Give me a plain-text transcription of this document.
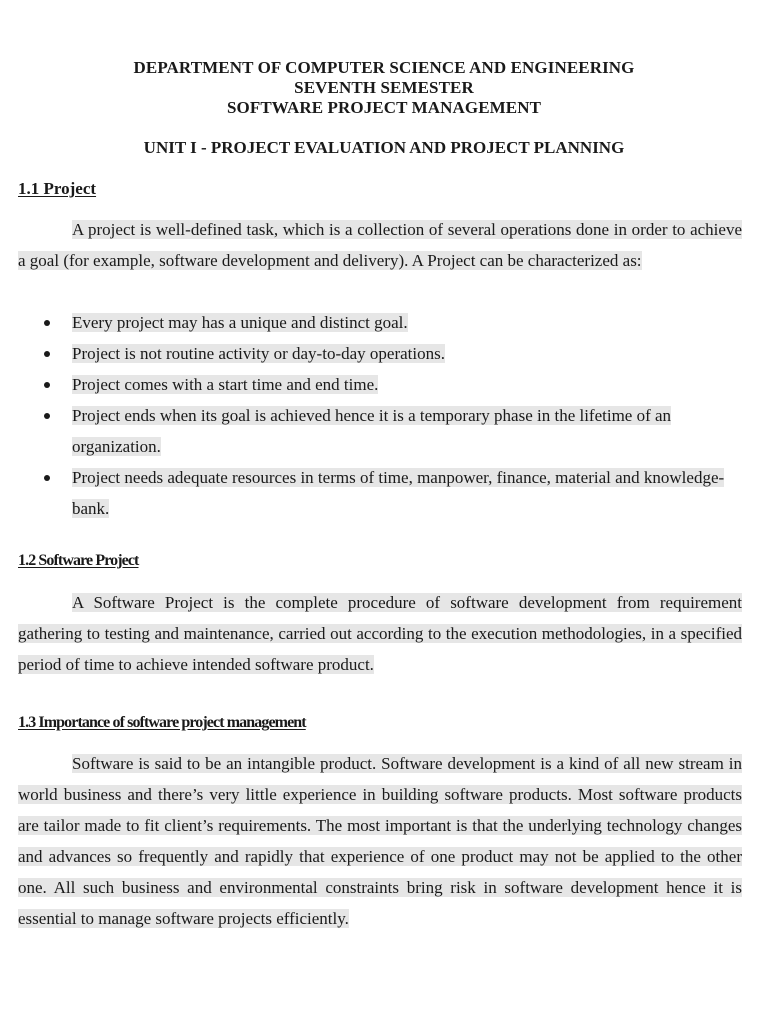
DEPARTMENT OF COMPUTER SCIENCE AND ENGINEERING
SEVENTH SEMESTER
SOFTWARE PROJECT MANAGEMENT
UNIT I - PROJECT EVALUATION AND PROJECT PLANNING
1.1 Project
A project is well-defined task, which is a collection of several operations done in order to achieve a goal (for example, software development and delivery). A Project can be characterized as:
Every project may has a unique and distinct goal.
Project is not routine activity or day-to-day operations.
Project comes with a start time and end time.
Project ends when its goal is achieved hence it is a temporary phase in the lifetime of an organization.
Project needs adequate resources in terms of time, manpower, finance, material and knowledge-bank.
1.2 Software Project
A Software Project is the complete procedure of software development from requirement gathering to testing and maintenance, carried out according to the execution methodologies, in a specified period of time to achieve intended software product.
1.3 Importance of software project management
Software is said to be an intangible product. Software development is a kind of all new stream in world business and there’s very little experience in building software products. Most software products are tailor made to fit client’s requirements. The most important is that the underlying technology changes and advances so frequently and rapidly that experience of one product may not be applied to the other one. All such business and environmental constraints bring risk in software development hence it is essential to manage software projects efficiently.
